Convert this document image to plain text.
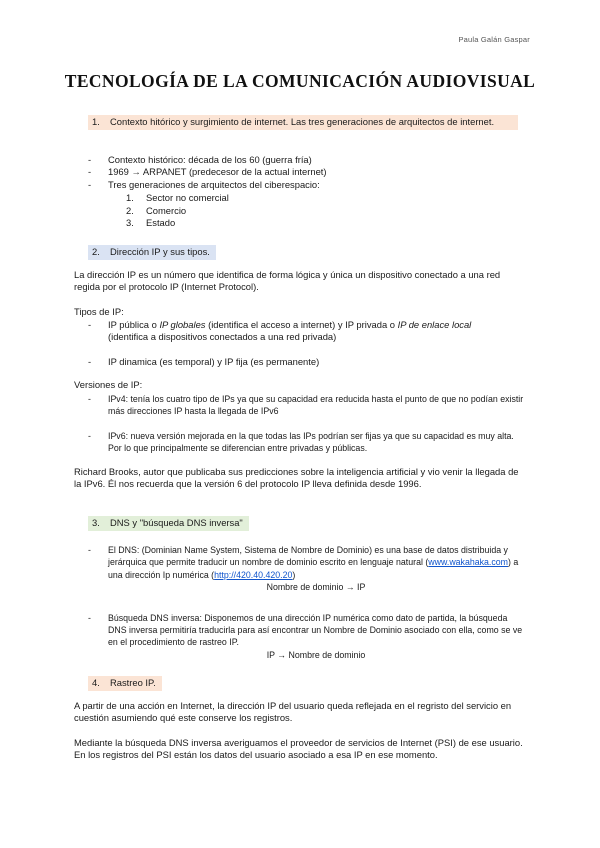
Paula Galán Gaspar
TECNOLOGÍA DE LA COMUNICACIÓN AUDIOVISUAL
1.	Contexto hitórico y surgimiento de internet. Las tres generaciones de arquitectos de internet.
- Contexto histórico: década de los 60 (guerra fría)
- 1969 → ARPANET (predecesor de la actual internet)
- Tres generaciones de arquitectos del ciberespacio:
1. Sector no comercial
2. Comercio
3. Estado
2. Dirección IP y sus tipos.
La dirección IP es un número que identifica de forma lógica y única un dispositivo conectado a una red regida por el protocolo IP (Internet Protocol).
Tipos de IP:
- IP pública o IP globales (identifica el acceso a internet) y IP privada o IP de enlace local
(identifica a dispositivos conectados a una red privada)
- IP dinamica (es temporal) y IP fija (es permanente)
Versiones de IP:
- IPv4: tenía los cuatro tipo de IPs ya que su capacidad era reducida hasta el punto de que no podían existir más direcciones IP hasta la llegada de IPv6
- IPv6: nueva versión mejorada en la que todas las IPs podrían ser fijas ya que su capacidad es muy alta. Por lo que principalmente se diferencian entre privadas y públicas.
Richard Brooks, autor que publicaba sus predicciones sobre la inteligencia artificial y vio venir la llegada de la IPv6. Él nos recuerda que la versión 6 del protocolo IP lleva definida desde 1996.
3. DNS y "búsqueda DNS inversa"
- El DNS: (Dominian Name System, Sistema de Nombre de Dominio) es una base de datos distribuida y jerárquica que permite traducir un nombre de dominio escrito en lenguaje natural (www.wakahaka.com) a una dirección Ip numérica (http://420.40.420.20)
Nombre de dominio → IP
- Búsqueda DNS inversa: Disponemos de una dirección IP numérica como dato de partida, la búsqueda DNS inversa permitiría traducirla para así encontrar un Nombre de Dominio asociado con ella, como se ve en el procedimiento de rastreo IP.
IP → Nombre de dominio
4. Rastreo IP.
A partir de una acción en Internet, la dirección IP del usuario queda reflejada en el regristo del servicio en cuestión asumiendo qué este conserve los registros.
Mediante la búsqueda DNS inversa averiguamos el proveedor de servicios de Internet (PSI) de ese usuario. En los registros del PSI están los datos del usuario asociado a esa IP en ese momento.
